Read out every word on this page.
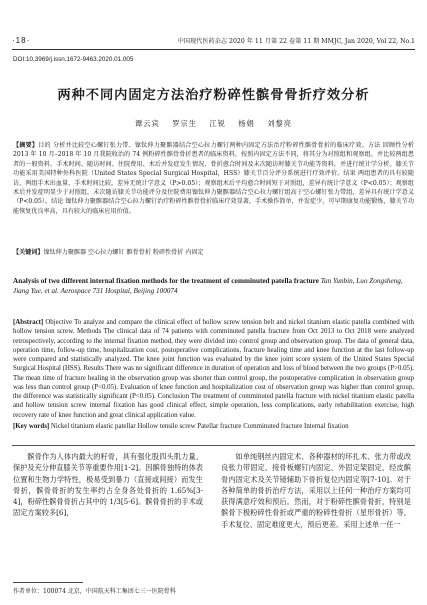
·18·	中国现代医药杂志 2020 年 11 月第 22 卷第 11 期 MMJC, Jan 2020, Vol 22, No.1
DOI:10.3969/j.issn.1672-9463.2020.01.005
两种不同内固定方法治疗粉碎性髌骨骨折疗效分析
谭云宾 罗宗生 江锐 杨娟 刘黎亮
【摘要】目的 分析并比较空心螺钉张力带、镍钛伸力聚髌器结合空心拉力螺钉两种内固定方法治疗粉碎性髌骨骨折的临床疗效。方法 回顾性分析 2013 年 10 月–2018 年 10 月我院收治的 74 例粉碎性髌骨骨折患者的临床资料，按照内固定方法不同，将其分为对照组和观察组，并比较两组患者的一般资料、手术时间、随访时间、住院费用、术后并发症发生情况、骨折愈合时间及末次随访时膝关节功能等资料，并进行统计学分析。膝关节功能采用美国特种外科医院（United States Special Surgical Hospital，HSS）膝关节百分评分系统进行疗效评价。结果 两组患者的具有较随访，两组手术出血量、手术时间比较，差异无统计学意义（P>0.05）；观察组术后平均愈合时间短于对照组，差异有统计学意义（P<0.05）；观察组术后并发症明显少于对照组，末次随访膝关节功能评分及住院费用镍钛伸力聚髌器结合空心拉力螺钉组高于空心螺钉张力带组，差异具有统计学意义（P<0.05）。结论 镍钛伸力聚髌器结合空心拉力螺钉治疗粉碎性髌骨骨折临床疗效显著，手术操作简单，并发症少，可早期康复功能锻炼，膝关节功能恢复优良率高，具有较大的临床应用价值。
【关键词】镍钛伸力聚髌器 空心拉力螺钉 髌骨骨折 粉碎性骨折 内固定
Analysis of two different internal fixation methods for the treatment of comminuted patella fracture Tan Yunbin, Luo Zongsheng, Jiang Yue, et al. Aerospace 731 Hospital, Beijing 100074
[Abstract] Objective To analyze and compare the clinical effect of hollow screw tension belt and nickel titanium elastic patella combined with hollow tension screw. Methods The clinical data of 74 patients with comminuted patella fracture from Oct 2013 to Oct 2018 were analyzed retrospectively, according to the internal fixation method, they were divided into control group and observation group. The data of general data, operation time, follow-up time, hospitalization cost, postoperative complications, fracture healing time and knee function at the last follow-up were compared and statistically analyzed. The knee joint function was evaluated by the knee joint score system of the United States Special Surgical Hospital (HSS). Results There was no significant difference in duration of operation and loss of blood between the two groups (P>0.05). The mean time of fracture healing in the observation group was shorter than control group, the postoperative complication in observation group was less than control group (P<0.05). Evaluation of knee function and hospitalization cost of observation group was higher than control group, the difference was statistically significant (P<0.05). Conclusion The treatment of comminuted patella fracture with nickel titanium elastic patella and hollow tension screw internal fixation has good clinical effect, simple operation, less complications, early rehabilitation exercise, high recovery rate of knee function and great clinical application value.
[Key words] Nickel titanium elastic patellar Hollow tensile screw Patellar fracture Comminuted fracture Internal fixation
髌骨作为人体内最大的籽骨，具有强化股四头肌力量、保护及充分伸直膝关节等重要作用[1-2]。因髌骨独特的体表位置和生物力学特性，极易受到暴力（直接或间接）而发生骨折，髌骨骨折的发生率约占全身各处骨折的 1.65%[3-4]，粉碎性髌骨骨折占其中的 1/3[5-6]。髌骨骨折的手术或固定方案较多[6]，
如单纯钢丝内固定术、各种器材的环扎术、张力带或改良张力带固定、接骨板螺钉内固定、外固定架固定、经皮髌骨内固定术及关节镜辅助下骨折复位内固定等[7-10]。对于各种简单的骨折治疗方法，采用以上任何一种治疗方案均可获得满意疗效和预后。然而，对于粉碎性髌骨骨折，特别是髌骨下极粉碎性骨折或严重的粉碎性骨折（星形骨折）等，手术复位、固定难度更大，预后更差。采用上述单一任一
作者单位：100074 北京，中国航天科工集团七三一医院骨科
